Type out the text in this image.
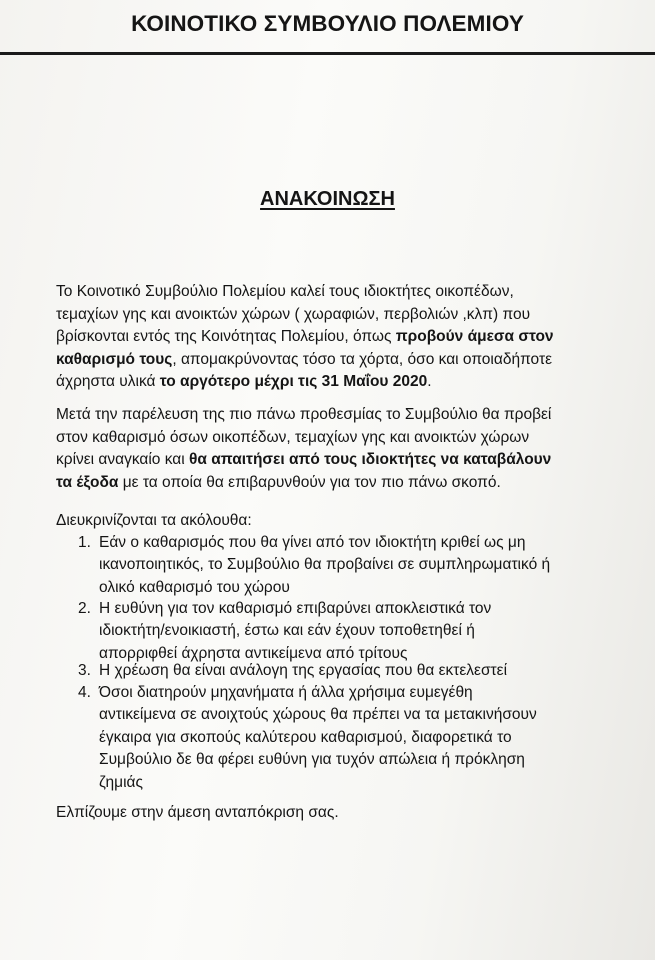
ΚΟΙΝΟΤΙΚΟ ΣΥΜΒΟΥΛΙΟ ΠΟΛΕΜΙΟΥ
ΑΝΑΚΟΙΝΩΣΗ
Το Κοινοτικό Συμβούλιο Πολεμίου καλεί τους ιδιοκτήτες οικοπέδων,
τεμαχίων γης και ανοικτών χώρων ( χωραφιών, περβολιών ,κλπ) που
βρίσκονται εντός της Κοινότητας Πολεμίου, όπως προβούν άμεσα στον
καθαρισμό τους, απομακρύνοντας τόσο τα χόρτα, όσο και οποιαδήποτε
άχρηστα υλικά το αργότερο μέχρι τις 31 Μαΐου 2020.
Μετά την παρέλευση της πιο πάνω προθεσμίας το Συμβούλιο θα προβεί
στον καθαρισμό όσων οικοπέδων, τεμαχίων γης και ανοικτών χώρων
κρίνει αναγκαίο και θα απαιτήσει από τους ιδιοκτήτες να καταβάλουν
τα έξοδα με τα οποία θα επιβαρυνθούν για τον πιο πάνω σκοπό.
Διευκρινίζονται τα ακόλουθα:
1. Εάν ο καθαρισμός που θα γίνει από τον ιδιοκτήτη κριθεί ως μη
ικανοποιητικός, το Συμβούλιο θα προβαίνει σε συμπληρωματικό ή
ολικό καθαρισμό του χώρου
2. Η ευθύνη για τον καθαρισμό επιβαρύνει αποκλειστικά τον
ιδιοκτήτη/ενοικιαστή, έστω και εάν έχουν τοποθετηθεί ή
απορριφθεί άχρηστα αντικείμενα από τρίτους
3. Η χρέωση θα είναι ανάλογη της εργασίας που θα εκτελεστεί
4. Όσοι διατηρούν μηχανήματα ή άλλα χρήσιμα ευμεγέθη
αντικείμενα σε ανοιχτούς χώρους θα πρέπει να τα μετακινήσουν
έγκαιρα για σκοπούς καλύτερου καθαρισμού, διαφορετικά το
Συμβούλιο δε θα φέρει ευθύνη για τυχόν απώλεια ή πρόκληση
ζημιάς
Ελπίζουμε στην άμεση ανταπόκριση σας.
